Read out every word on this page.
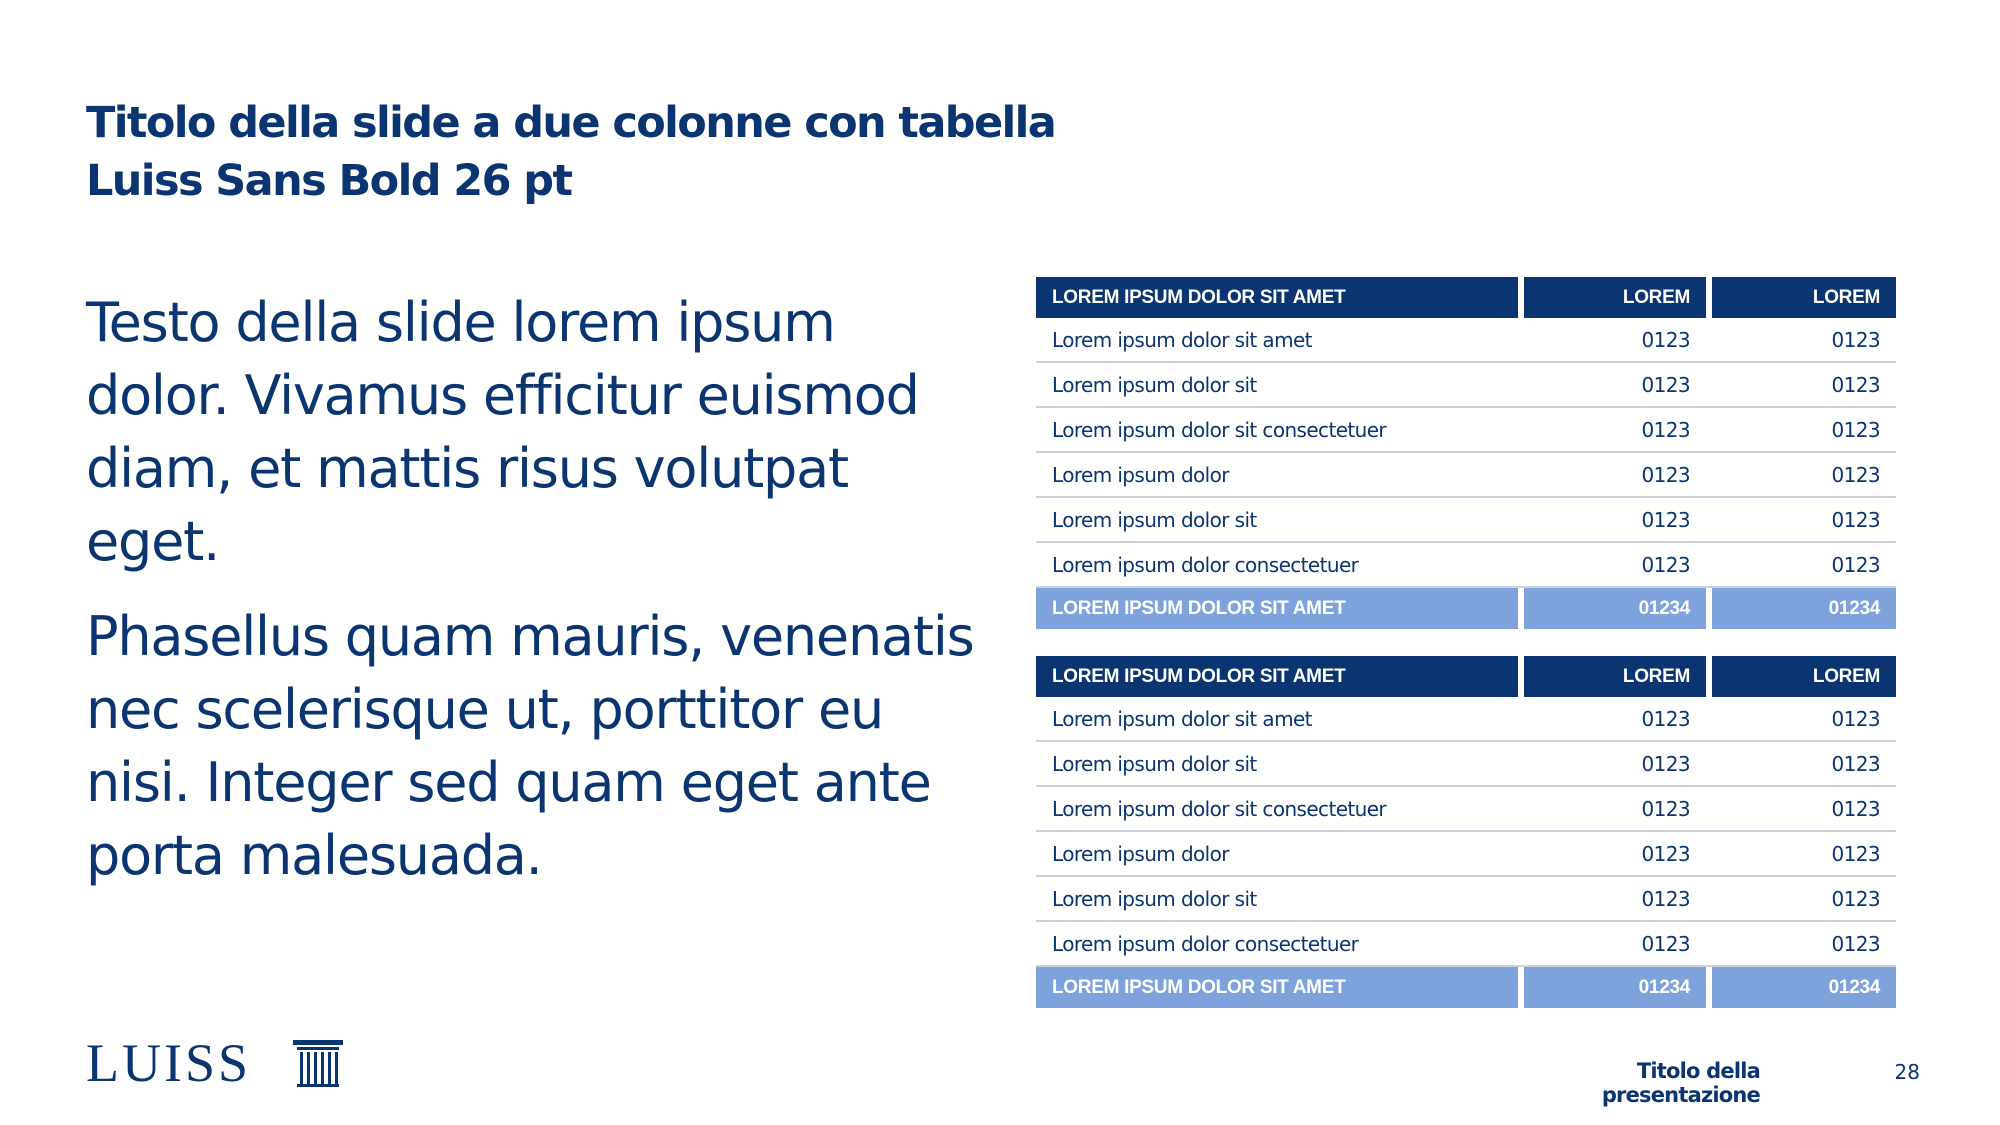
Titolo della slide a due colonne con tabella
Luiss Sans Bold 26 pt

Testo della slide lorem ipsum
dolor. Vivamus efficitur euismod
diam, et mattis risus volutpat eget.

Phasellus quam mauris, venenatis
nec scelerisque ut, porttitor eu
nisi. Integer sed quam eget ante
porta malesuada.

LOREM IPSUM DOLOR SIT AMET	LOREM	LOREM
Lorem ipsum dolor sit amet	0123	0123
Lorem ipsum dolor sit	0123	0123
Lorem ipsum dolor sit consectetuer	0123	0123
Lorem ipsum dolor	0123	0123
Lorem ipsum dolor sit	0123	0123
Lorem ipsum dolor consectetuer	0123	0123
LOREM IPSUM DOLOR SIT AMET	01234	01234
LOREM IPSUM DOLOR SIT AMET	LOREM	LOREM
Lorem ipsum dolor sit amet	0123	0123
Lorem ipsum dolor sit	0123	0123
Lorem ipsum dolor sit consectetuer	0123	0123
Lorem ipsum dolor	0123	0123
Lorem ipsum dolor sit	0123	0123
Lorem ipsum dolor consectetuer	0123	0123
LOREM IPSUM DOLOR SIT AMET	01234	01234
LUISS	Titolo della presentazione
28
